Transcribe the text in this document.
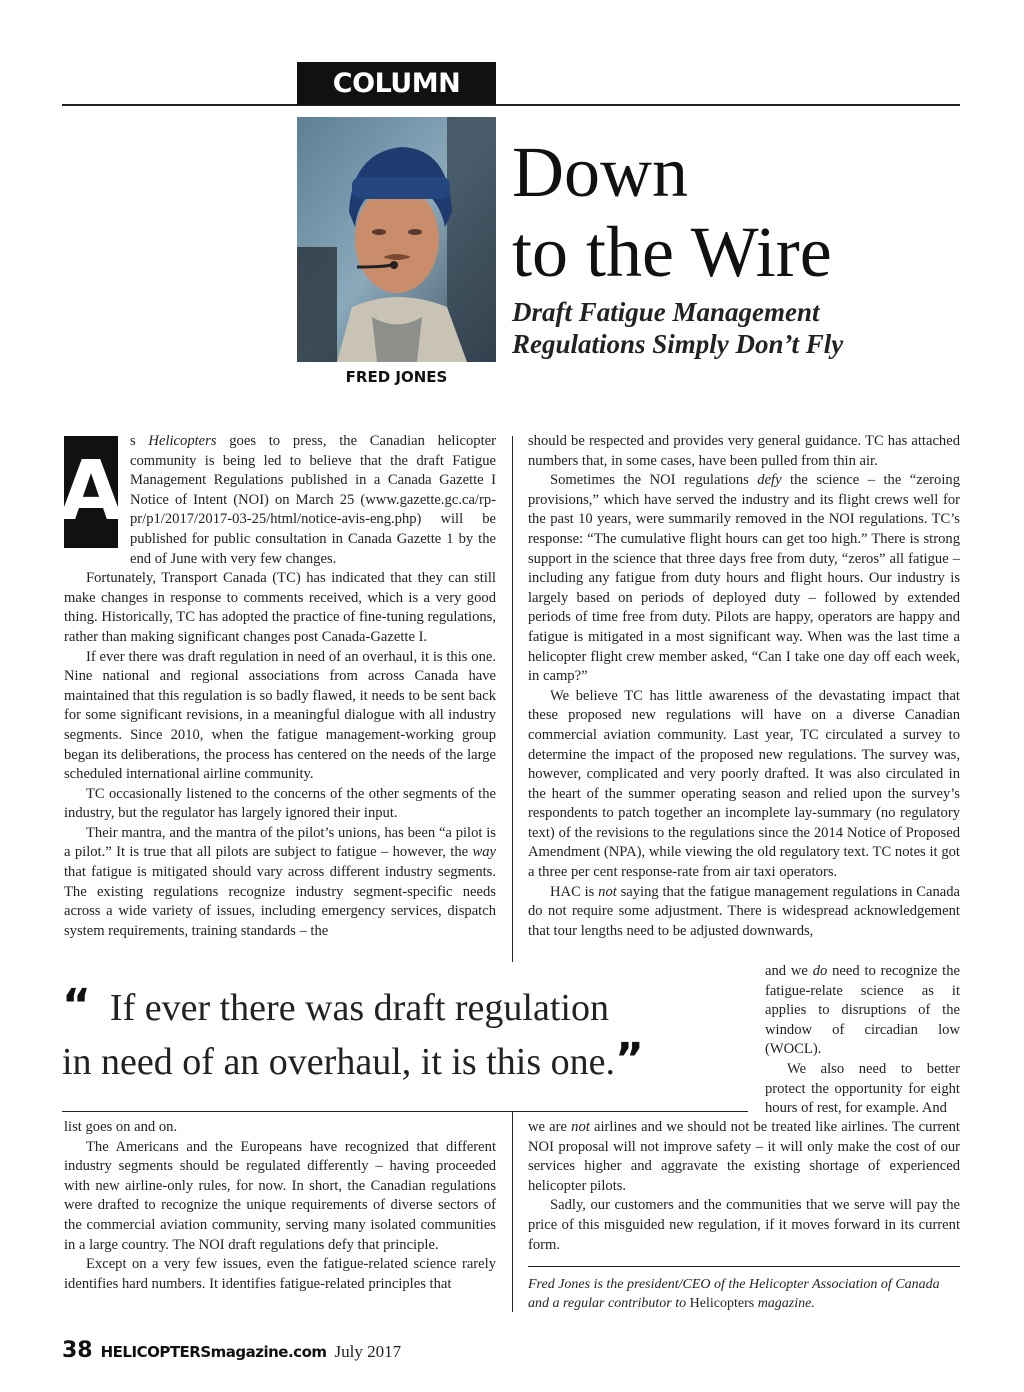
COLUMN
FRED JONES
Down
to the Wire
Draft Fatigue Management
Regulations Simply Don’t Fly

A
s Helicopters goes to press, the Canadian helicopter community is being led to believe that the draft Fatigue Management Regulations published in a Canada Gazette I Notice of Intent (NOI) on March 25 (www.gazette.gc.ca/rp-pr/p1/2017/2017-03-25/html/notice-avis-eng.php) will be published for public consultation in Canada Gazette 1 by the end of June with very few changes.

Fortunately, Transport Canada (TC) has indicated that they can still make changes in response to comments received, which is a very good thing. Historically, TC has adopted the practice of fine-tuning regulations, rather than making significant changes post Canada-Gazette I.

If ever there was draft regulation in need of an overhaul, it is this one. Nine national and regional associations from across Canada have maintained that this regulation is so badly flawed, it needs to be sent back for some significant revisions, in a meaningful dialogue with all industry segments. Since 2010, when the fatigue management-working group began its deliberations, the process has centered on the needs of the large scheduled international airline community.

TC occasionally listened to the concerns of the other segments of the industry, but the regulator has largely ignored their input.

Their mantra, and the mantra of the pilot’s unions, has been “a pilot is a pilot.” It is true that all pilots are subject to fatigue – however, the way that fatigue is mitigated should vary across different industry segments. The existing regulations recognize industry segment-specific needs across a wide variety of issues, including emergency services, dispatch system requirements, training standards – the

should be respected and provides very general guidance. TC has attached numbers that, in some cases, have been pulled from thin air.

Sometimes the NOI regulations defy the science – the “zeroing provisions,” which have served the industry and its flight crews well for the past 10 years, were summarily removed in the NOI regulations. TC’s response: “The cumulative flight hours can get too high.” There is strong support in the science that three days free from duty, “zeros” all fatigue – including any fatigue from duty hours and flight hours. Our industry is largely based on periods of deployed duty – followed by extended periods of time free from duty. Pilots are happy, operators are happy and fatigue is mitigated in a most significant way. When was the last time a helicopter flight crew member asked, “Can I take one day off each week, in camp?”

We believe TC has little awareness of the devastating impact that these proposed new regulations will have on a diverse Canadian commercial aviation community. Last year, TC circulated a survey to determine the impact of the proposed new regulations. The survey was, however, complicated and very poorly drafted. It was also circulated in the heart of the summer operating season and relied upon the survey’s respondents to patch together an incomplete lay-summary (no regulatory text) of the revisions to the regulations since the 2014 Notice of Proposed Amendment (NPA), while viewing the old regulatory text. TC notes it got a three per cent response-rate from air taxi operators.

HAC is not saying that the fatigue management regulations in Canada do not require some adjustment. There is widespread acknowledgement that tour lengths need to be adjusted downwards,

and we do need to recognize the fatigue-relate science as it applies to disruptions of the window of circadian low (WOCL).

We also need to better protect the opportunity for eight hours of rest, for example. And

“ If ever there was draft regulation
in need of an overhaul, it is this one.”

list goes on and on.

The Americans and the Europeans have recognized that different industry segments should be regulated differently – having proceeded with new airline-only rules, for now. In short, the Canadian regulations were drafted to recognize the unique requirements of diverse sectors of the commercial aviation community, serving many isolated communities in a large country. The NOI draft regulations defy that principle.

Except on a very few issues, even the fatigue-related science rarely identifies hard numbers. It identifies fatigue-related principles that

we are not airlines and we should not be treated like airlines. The current NOI proposal will not improve safety – it will only make the cost of our services higher and aggravate the existing shortage of experienced helicopter pilots.

Sadly, our customers and the communities that we serve will pay the price of this misguided new regulation, if it moves forward in its current form.

Fred Jones is the president/CEO of the Helicopter Association of Canada and a regular contributor to Helicopters magazine.
38 HELICOPTERSmagazine.com July 2017
